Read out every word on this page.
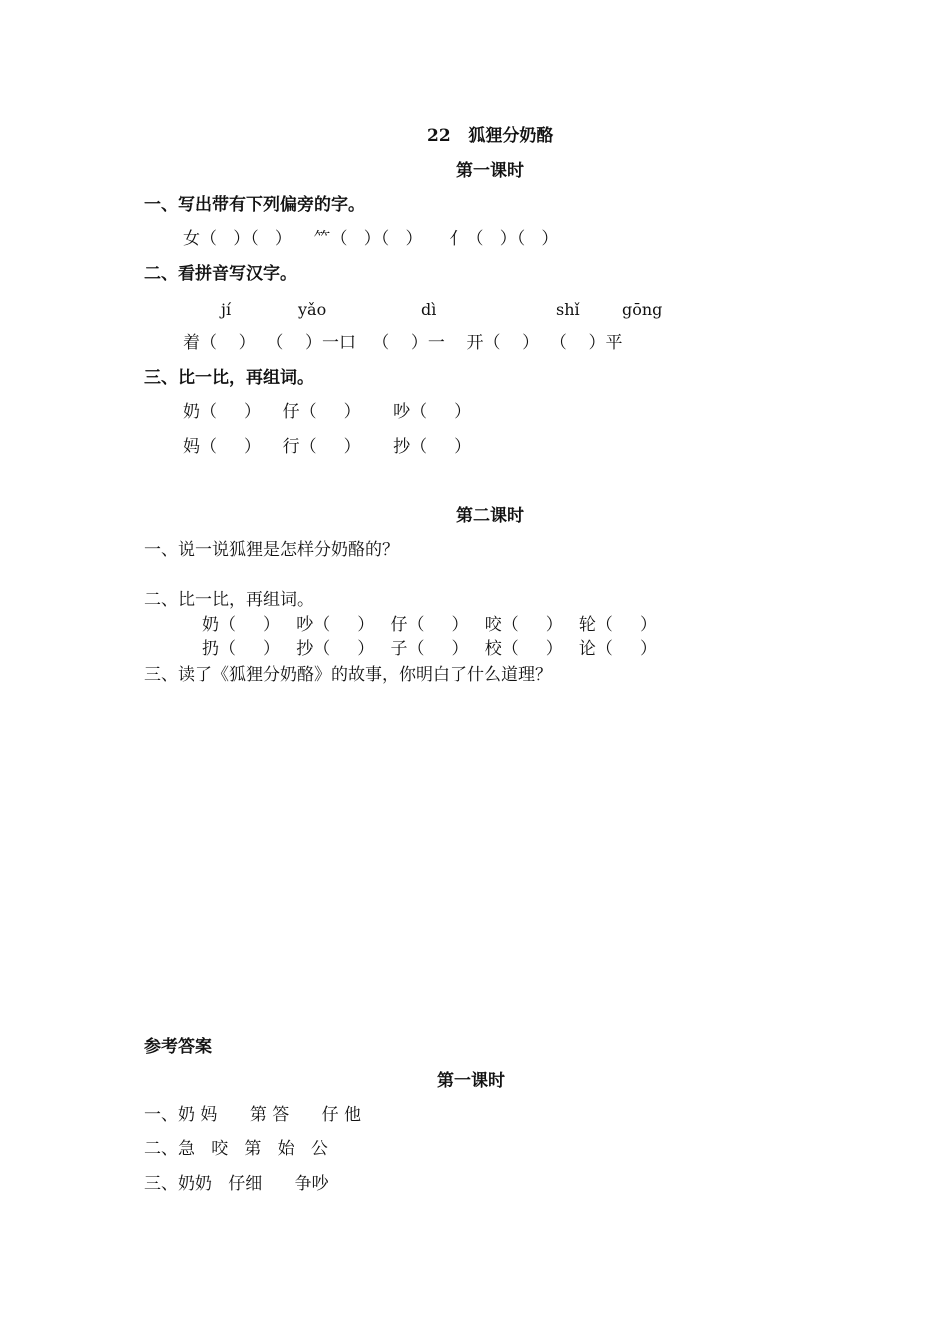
22   狐狸分奶酪
第一课时
一、写出带有下列偏旁的字。
女（   ）（   ）    ⺮（   ）（   ）     亻（   ）（   ）
二、看拼音写汉字。
jí	yǎo	dì	shǐ	gōng
着（    ）  （    ）一口   （    ）一    开（    ）  （    ）平
三、比一比，再组词。
奶（     ）    仔（     ）      吵（     ）
妈（     ）    行（     ）      抄（     ）
第二课时
一、说一说狐狸是怎样分奶酪的？
二、比一比，再组词。
奶（     ）   吵（     ）   仔（     ）   咬（     ）   轮（     ）
扔（     ）   抄（     ）   子（     ）   校（     ）   论（     ）
三、读了《狐狸分奶酪》的故事，你明白了什么道理？
参考答案
第一课时
一、奶 妈      第 答      仔 他
二、急   咬   第   始   公
三、奶奶   仔细      争吵
